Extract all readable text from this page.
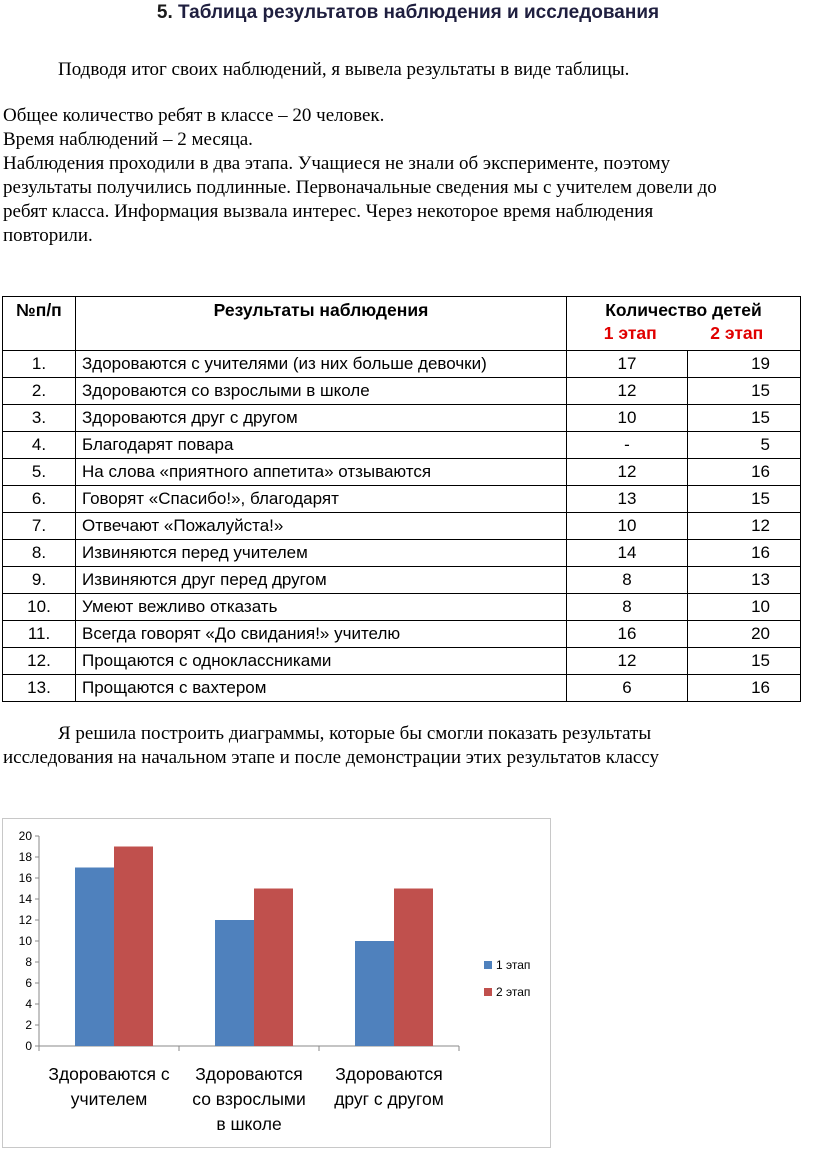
5. Таблица результатов наблюдения и исследования
Подводя итог своих наблюдений, я вывела результаты в виде таблицы.
Общее количество ребят в классе – 20 человек.
Время наблюдений – 2 месяца.
Наблюдения проходили в два этапа. Учащиеся не знали об эксперименте, поэтому
результаты получились подлинные. Первоначальные сведения мы с учителем довели до
ребят класса. Информация вызвала интерес. Через некоторое время наблюдения
повторили.
№п/п	Результаты наблюдения	Количество детей
1 этап 2 этап	

1.	Здороваются с учителями (из них больше девочки)	17	19
2.	Здороваются со взрослыми в школе	12	15
3.	Здороваются друг с другом	10	15
4.	Благодарят повара	-	5
5.	На слова «приятного аппетита» отзываются	12	16
6.	Говорят «Спасибо!», благодарят	13	15
7.	Отвечают «Пожалуйста!»	10	12
8.	Извиняются перед учителем	14	16
9.	Извиняются друг перед другом	8	13
10.	Умеют вежливо отказать	8	10
11.	Всегда говорят «До свидания!» учителю	16	20
12.	Прощаются с одноклассниками	12	15
13.	Прощаются с вахтером	6	16
Я решила построить диаграммы, которые бы смогли показать результаты
исследования на начальном этапе и после демонстрации этих результатов классу
0
2
4
6
8
10
12
14
16
18
20
Здороваются с
учителем
Здороваются
со взрослыми
в школе
Здороваются
друг с другом
1 этап
2 этап
